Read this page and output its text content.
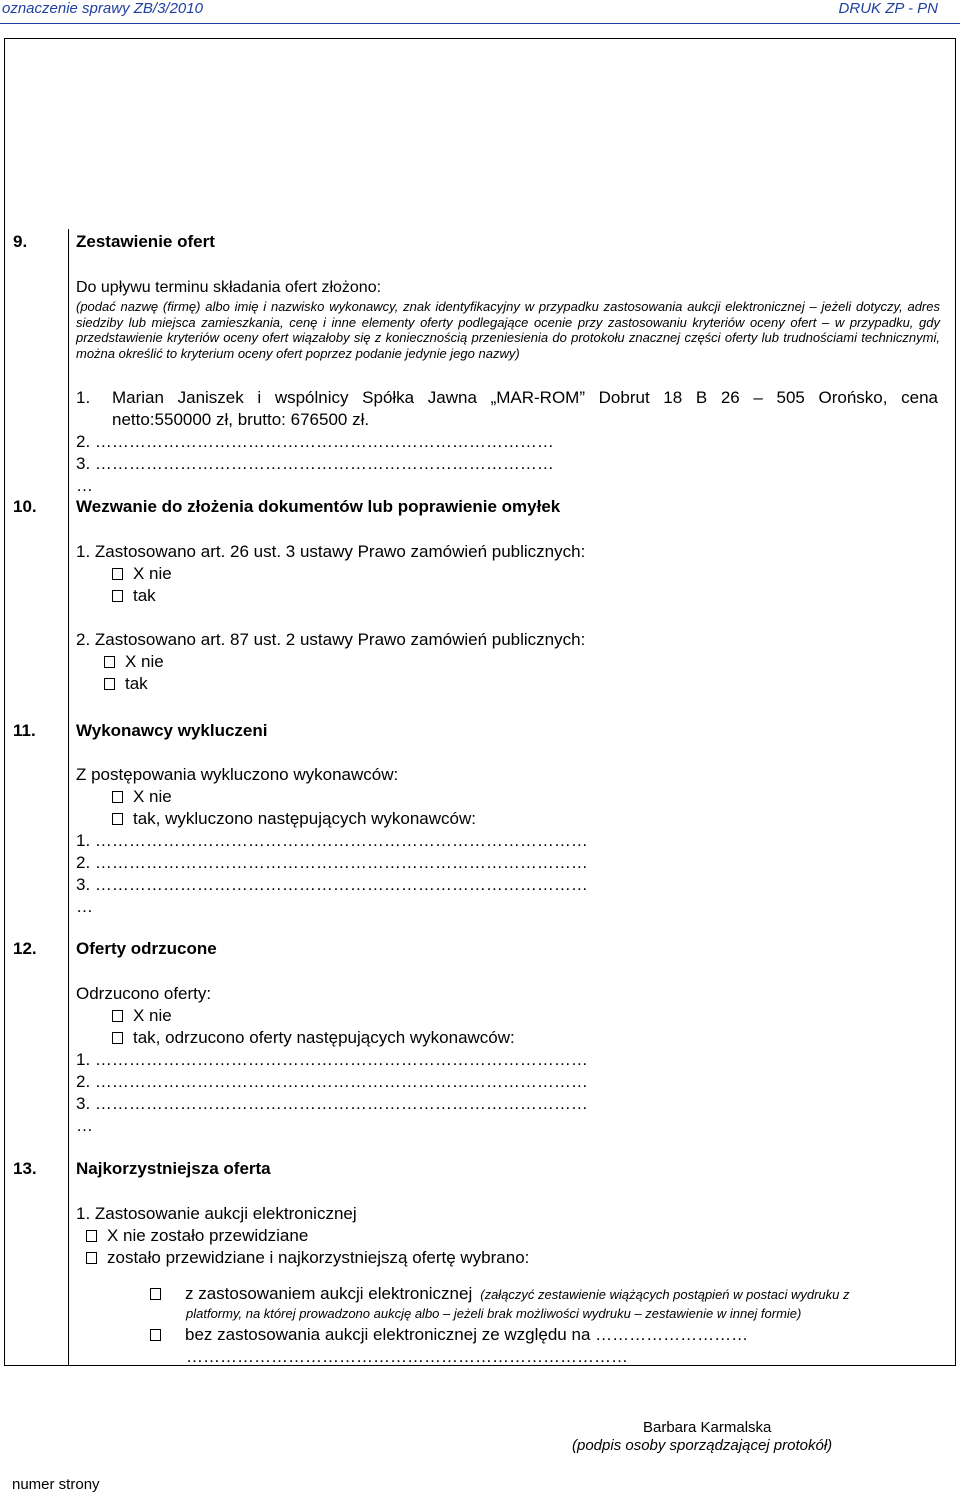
oznaczenie sprawy ZB/3/2010	DRUK ZP - PN
9.	Zestawienie ofert
Do upływu terminu składania ofert złożono:
(podać nazwę (firmę) albo imię i nazwisko wykonawcy, znak identyfikacyjny w przypadku zastosowania aukcji elektronicznej – jeżeli dotyczy, adres siedziby lub miejsca zamieszkania, cenę i inne elementy oferty podlegające ocenie przy zastosowaniu kryteriów oceny ofert – w przypadku, gdy przedstawienie kryteriów oceny ofert wiązałoby się z koniecznością przeniesienia do protokołu znacznej części oferty lub trudnościami technicznymi, można określić to kryterium oceny ofert poprzez podanie jedynie jego nazwy)
1. Marian Janiszek i wspólnicy Spółka Jawna „MAR-ROM” Dobrut 18 B 26 – 505 Orońsko, cena
netto:550000 zł, brutto: 676500 zł.
2. ………………………………………………………………………
3. ………………………………………………………………………
…
10. Wezwanie do złożenia dokumentów lub poprawienie omyłek
1. Zastosowano art. 26 ust. 3 ustawy Prawo zamówień publicznych:
X nie
tak
2. Zastosowano art. 87 ust. 2 ustawy Prawo zamówień publicznych:
X nie
tak
11. Wykonawcy wykluczeni
Z postępowania wykluczono wykonawców:
X nie
tak, wykluczono następujących wykonawców:
1. ……………………………………………………………………………
2. ……………………………………………………………………………
3. ……………………………………………………………………………
…
12. Oferty odrzucone
Odrzucono oferty:
X nie
tak, odrzucono oferty następujących wykonawców:
1. ……………………………………………………………………………
2. ……………………………………………………………………………
3. ……………………………………………………………………………
…
13. Najkorzystniejsza oferta
1. Zastosowanie aukcji elektronicznej
X nie zostało przewidziane
zostało przewidziane i najkorzystniejszą ofertę wybrano:
z zastosowaniem aukcji elektronicznej (załączyć zestawienie wiążących postąpień w postaci wydruku z
platformy, na której prowadzono aukcję albo – jeżeli brak możliwości wydruku – zestawienie w innej formie)
bez zastosowania aukcji elektronicznej ze względu na ………………………
……………………………………………………………………
Barbara Karmalska
(podpis osoby sporządzającej protokół)
numer strony
